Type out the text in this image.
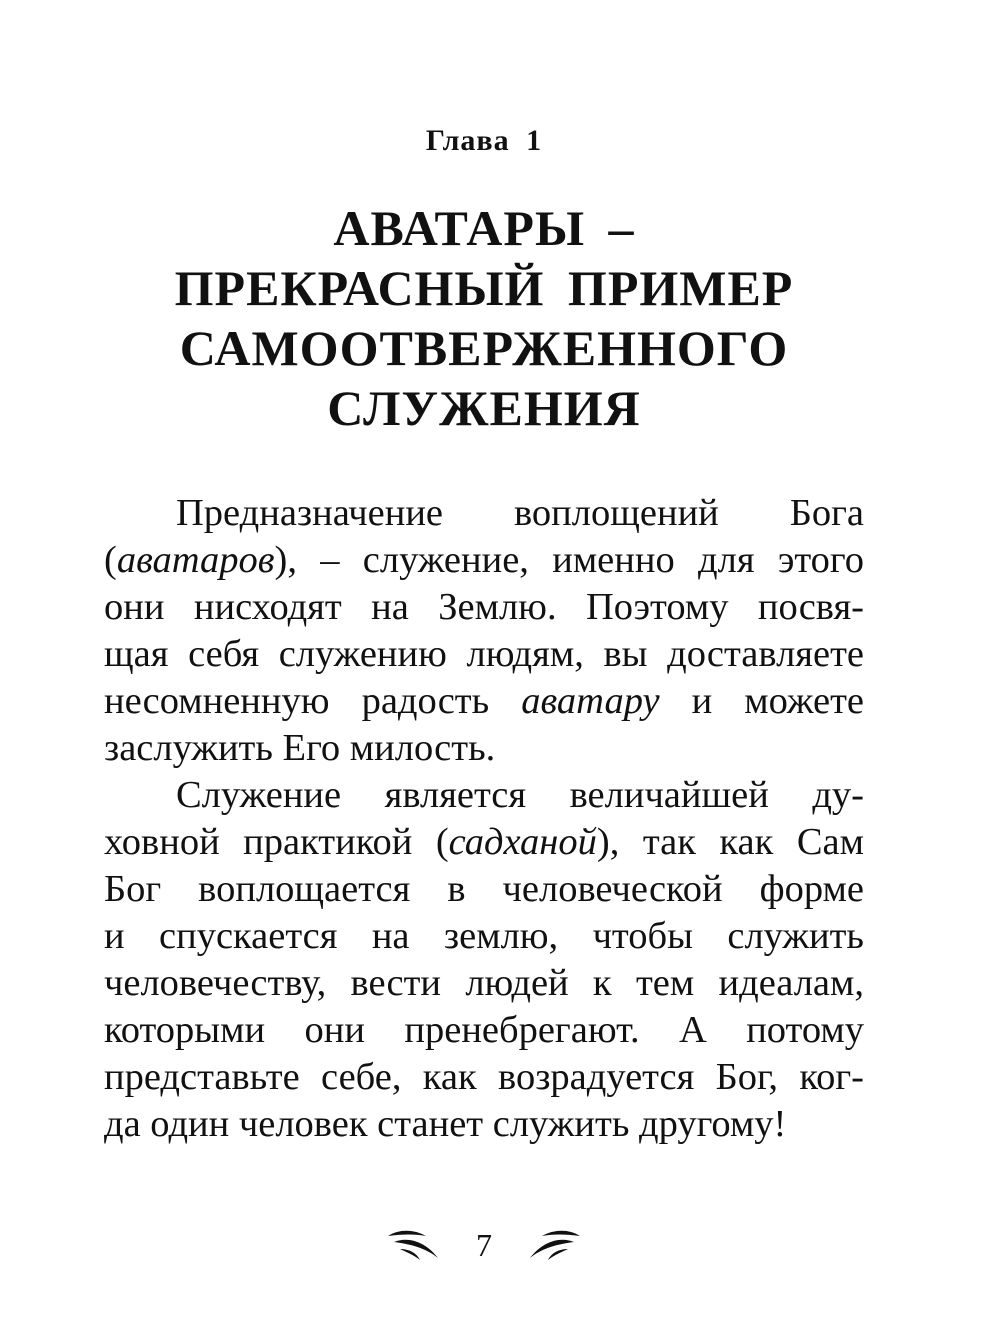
Глава 1
АВАТАРЫ –
ПРЕКРАСНЫЙ ПРИМЕР
САМООТВЕРЖЕННОГО
СЛУЖЕНИЯ
Предназначение воплощений Бога
(аватаров), – служение, именно для этого
они нисходят на Землю. Поэтому посвя-
щая себя служению людям, вы доставляете
несомненную радость аватару и можете
заслужить Его милость.
Служение является величайшей ду-
ховной практикой (садханой), так как Сам
Бог воплощается в человеческой форме
и спускается на землю, чтобы служить
человечеству, вести людей к тем идеалам,
которыми они пренебрегают. А потому
представьте себе, как возрадуется Бог, ког-
да один человек станет служить другому!
7
